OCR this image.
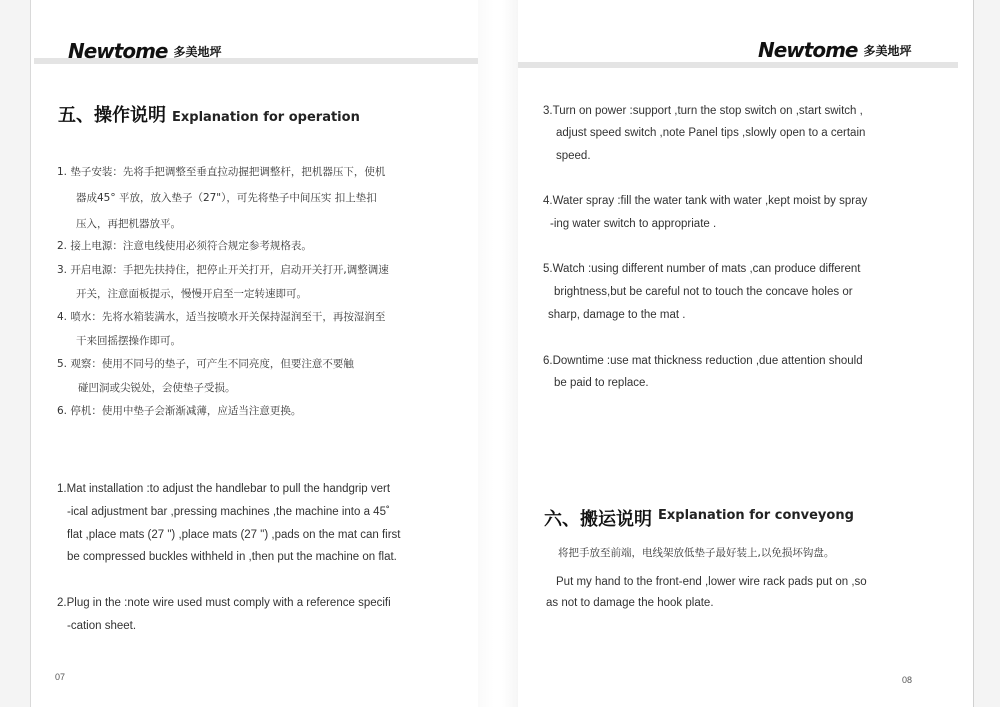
Newtome 多美地坪	Newtome 多美地坪
五、操作说明 Explanation for operation
1. 垫子安装：先将手把调整至垂直拉动握把调整杆，把机器压下，使机
器成45° 平放，放入垫子（27"），可先将垫子中间压实 扣上垫扣
压入，再把机器放平。
2. 接上电源：注意电线使用必须符合规定参考规格表。
3. 开启电源：手把先扶持住，把停止开关打开，启动开关打开,调整调速
开关，注意面板提示，慢慢开启至一定转速即可。
4. 喷水：先将水箱装满水，适当按喷水开关保持湿润至干，再按湿润至
干来回摇摆操作即可。
5. 观察：使用不同号的垫子，可产生不同亮度，但要注意不要触
碰凹洞或尖锐处，会使垫子受损。
6. 停机：使用中垫子会渐渐减薄，应适当注意更换。
1.Mat installation :to adjust the handlebar to pull the handgrip vert
-ical adjustment bar ,pressing machines ,the machine into a 45˚
flat ,place mats (27 ") ,place mats (27 ") ,pads on the mat can first
be compressed buckles withheld in ,then put the machine on flat.
2.Plug in the :note wire used must comply with a reference specifi
-cation sheet.
07
3.Turn on power :support ,turn the stop switch on ,start switch ,
adjust speed switch ,note Panel tips ,slowly open to a certain
speed.
4.Water spray :fill the water tank with water ,kept moist by spray
-ing water switch to appropriate .
5.Watch :using different number of mats ,can produce different
brightness,but be careful not to touch the concave holes or
sharp, damage to the mat .
6.Downtime :use mat thickness reduction ,due attention should
be paid to replace.
六、搬运说明 Explanation for conveyong
将把手放至前端，电线架放低垫子最好装上,以免损坏钩盘。
Put my hand to the front-end ,lower wire rack pads put on ,so
as not to damage the hook plate.
08
